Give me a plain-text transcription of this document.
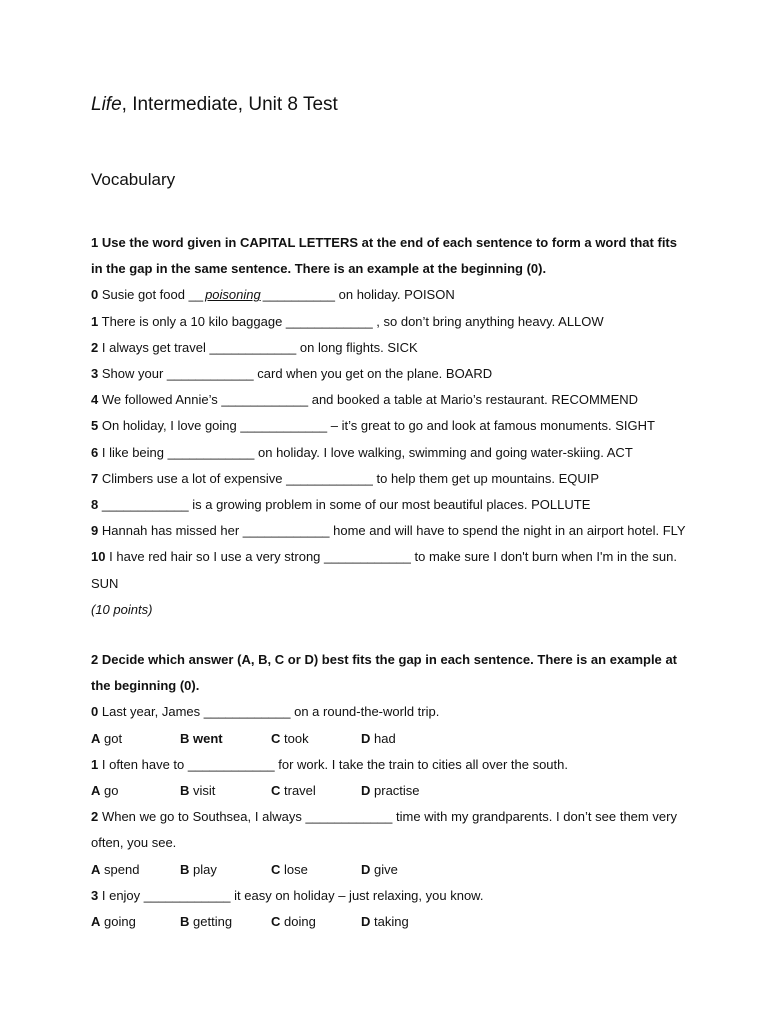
Life, Intermediate, Unit 8 Test
Vocabulary
1 Use the word given in CAPITAL LETTERS at the end of each sentence to form a word that fits in the gap in the same sentence. There is an example at the beginning (0).
0 Susie got food __ poisoning __________ on holiday. POISON
1 There is only a 10 kilo baggage ____________ , so don’t bring anything heavy. ALLOW
2 I always get travel ____________ on long flights. SICK
3 Show your ____________ card when you get on the plane. BOARD
4 We followed Annie’s ____________ and booked a table at Mario’s restaurant. RECOMMEND
5 On holiday, I love going ____________ – it’s great to go and look at famous monuments. SIGHT
6 I like being ____________ on holiday. I love walking, swimming and going water-skiing. ACT
7 Climbers use a lot of expensive ____________ to help them get up mountains. EQUIP
8 ____________ is a growing problem in some of our most beautiful places. POLLUTE
9 Hannah has missed her ____________ home and will have to spend the night in an airport hotel. FLY
10 I have red hair so I use a very strong ____________ to make sure I don't burn when I'm in the sun. SUN
(10 points)
2 Decide which answer (A, B, C or D) best fits the gap in each sentence. There is an example at the beginning (0).
0 Last year, James ____________ on a round-the-world trip.
A got	B went	C took	D had
1 I often have to ____________ for work. I take the train to cities all over the south.
A go	B visit	C travel	D practise
2 When we go to Southsea, I always ____________ time with my grandparents. I don’t see them very often, you see.
A spend	B play	C lose	D give
3 I enjoy ____________ it easy on holiday – just relaxing, you know.
A going	B getting	C doing	D taking
